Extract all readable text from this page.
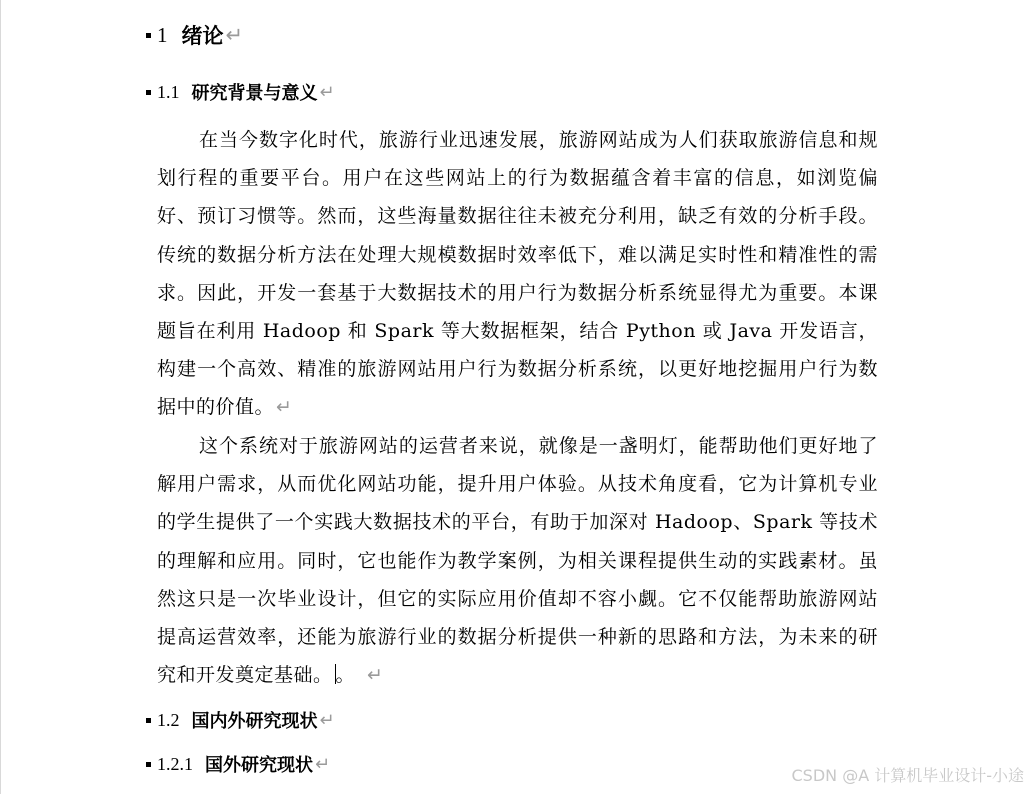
1 绪论 ↵
1.1 研究背景与意义 ↵
在当今数字化时代，旅游行业迅速发展，旅游网站成为人们获取旅游信息和规划行程的重要平台。用户在这些网站上的行为数据蕴含着丰富的信息，如浏览偏好、预订习惯等。然而，这些海量数据往往未被充分利用，缺乏有效的分析手段。传统的数据分析方法在处理大规模数据时效率低下，难以满足实时性和精准性的需求。因此，开发一套基于大数据技术的用户行为数据分析系统显得尤为重要。本课题旨在利用 Hadoop 和 Spark 等大数据框架，结合 Python 或 Java 开发语言，构建一个高效、精准的旅游网站用户行为数据分析系统，以更好地挖掘用户行为数据中的价值。 ↵
这个系统对于旅游网站的运营者来说，就像是一盏明灯，能帮助他们更好地了解用户需求，从而优化网站功能，提升用户体验。从技术角度看，它为计算机专业的学生提供了一个实践大数据技术的平台，有助于加深对 Hadoop、Spark 等技术的理解和应用。同时，它也能作为教学案例，为相关课程提供生动的实践素材。虽然这只是一次毕业设计，但它的实际应用价值却不容小觑。它不仅能帮助旅游网站提高运营效率，还能为旅游行业的数据分析提供一种新的思路和方法，为未来的研究和开发奠定基础。 。 ↵
1.2 国内外研究现状 ↵
1.2.1 国外研究现状 ↵
CSDN @A 计算机毕业设计-小途
